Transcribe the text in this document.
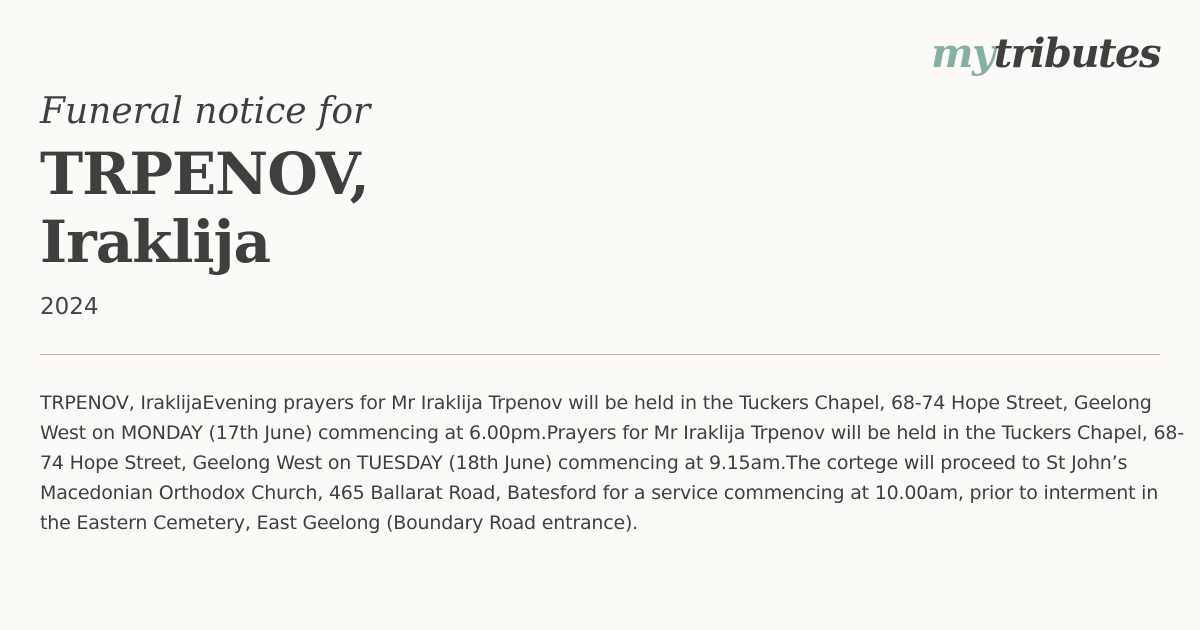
mytributes
Funeral notice for
TRPENOV,
Iraklija
2024

TRPENOV, IraklijaEvening prayers for Mr Iraklija Trpenov will be held in the Tuckers Chapel, 68-74 Hope Street, Geelong West on MONDAY (17th June) commencing at 6.00pm.Prayers for Mr Iraklija Trpenov will be held in the Tuckers Chapel, 68-74 Hope Street, Geelong West on TUESDAY (18th June) commencing at 9.15am.The cortege will proceed to St John’s Macedonian Orthodox Church, 465 Ballarat Road, Batesford for a service commencing at 10.00am, prior to interment in the Eastern Cemetery, East Geelong (Boundary Road entrance).
